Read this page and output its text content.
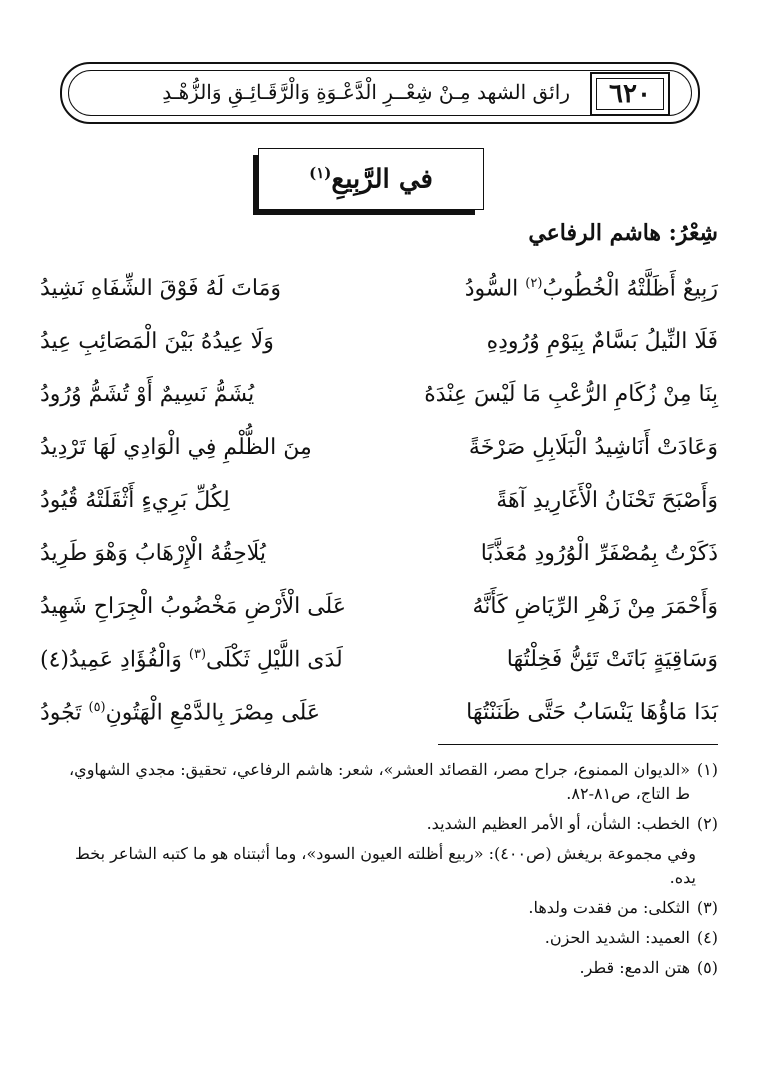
٦٢٠
رائق الشهد مِـنْ شِعْــرِ الْدَّعْـوَةِ وَالْرَّقَـائِـقِ وَالزُّهْـدِ
في الرَّبِيعِ$^{(١)}$
شِعْرُ: هاشم الرفاعي
رَبِيعٌ أَظَلَّتْهُ الْخُطُوبُ$^{(٢)}$ السُّودُ
وَمَاتَ لَهُ فَوْقَ الشِّفَاهِ نَشِيدُ
فَلَا النِّيلُ بَسَّامٌ بِيَوْمِ وُرُودِهِ
وَلَا عِيدُهُ بَيْنَ الْمَصَائِبِ عِيدُ
بِنَا مِنْ زُكَامِ الرُّعْبِ مَا لَيْسَ عِنْدَهُ
يُشَمُّ نَسِيمٌ أَوْ تُشَمُّ وُرُودُ
وَعَادَتْ أَنَاشِيدُ الْبَلَابِلِ صَرْخَةً
مِنَ الظُّلْمِ فِي الْوَادِي لَهَا تَرْدِيدُ
وَأَصْبَحَ تَحْنَانُ الْأَغَارِيدِ آهَةً
لِكُلِّ بَرِيءٍ أَثْقَلَتْهُ قُيُودُ
ذَكَرْتُ بِمُصْفَرِّ الْوُرُودِ مُعَذَّبًا
يُلَاحِقُهُ الْإِرْهَابُ وَهْوَ طَرِيدُ
وَأَحْمَرَ مِنْ زَهْرِ الرِّيَاضِ كَأَنَّهُ
عَلَى الْأَرْضِ مَخْضُوبُ الْجِرَاحِ شَهِيدُ
وَسَاقِيَةٍ بَاتَتْ تَئِنُّ فَخِلْتُهَا
لَدَى اللَّيْلِ ثَكْلَى$^{(٣)}$ وَالْفُؤَادِ عَمِيدُ(٤)
بَدَا مَاؤُهَا يَنْسَابُ حَتَّى ظَنَنْتُهَا
عَلَى مِصْرَ بِالدَّمْعِ الْهَتُونِ$^{(٥)}$ تَجُودُ
(١)
«الديوان الممنوع، جراح مصر، القصائد العشر»، شعر: هاشم الرفاعي، تحقيق: مجدي الشهاوي، ط التاج، ص٨١-٨٢.
(٢)
الخطب: الشأن، أو الأمر العظيم الشديد.
وفي مجموعة بريغش (ص٤٠٠): «ربيع أظلته العيون السود»، وما أثبتناه هو ما كتبه الشاعر بخط يده.
(٣)
الثكلى: من فقدت ولدها.
(٤)
العميد: الشديد الحزن.
(٥)
هتن الدمع: قطر.
